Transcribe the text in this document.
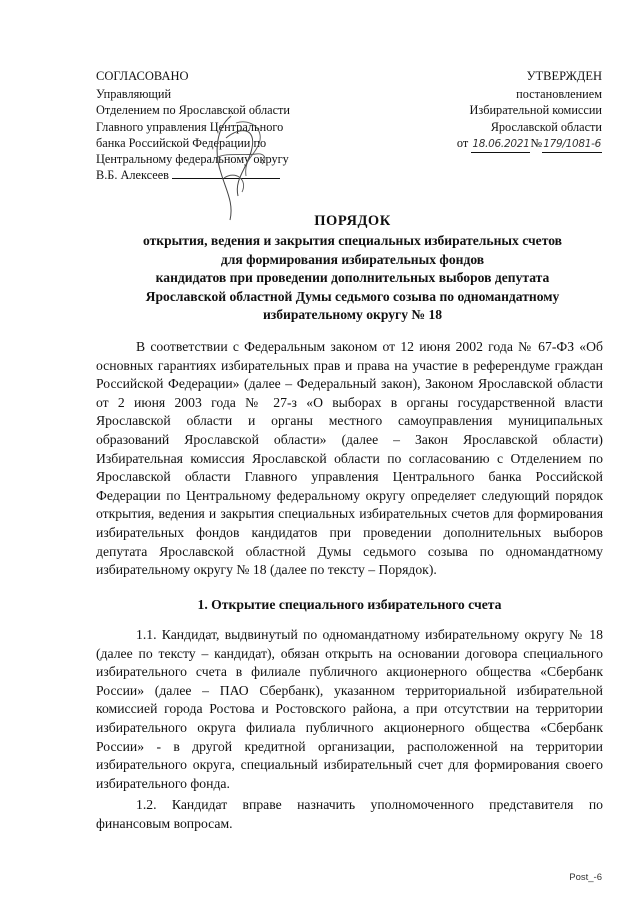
СОГЛАСОВАНО
Управляющий
Отделением по Ярославской области
Главного управления Центрального
банка Российской Федерации по
Центральному федеральному округу
В.Б. Алексеев
УТВЕРЖДЕН
постановлением
Избирательной комиссии
Ярославской области
от 18.06.2021№179/1081-6
ПОРЯДОК
открытия, ведения и закрытия специальных избирательных счетов
для формирования избирательных фондов
кандидатов при проведении дополнительных выборов депутата
Ярославской областной Думы седьмого созыва по одномандатному
избирательному округу № 18

В соответствии с Федеральным законом от 12 июня 2002 года № 67-ФЗ «Об основных гарантиях избирательных прав и права на участие в референдуме граждан Российской Федерации» (далее – Федеральный закон), Законом Ярославской области от 2 июня 2003 года № 27-з «О выборах в органы государственной власти Ярославской области и органы местного самоуправления муниципальных образований Ярославской области» (далее – Закон Ярославской области) Избирательная комиссия Ярославской области по согласованию с Отделением по Ярославской области Главного управления Центрального банка Российской Федерации по Центральному федеральному округу определяет следующий порядок открытия, ведения и закрытия специальных избирательных счетов для формирования избирательных фондов кандидатов при проведении дополнительных выборов депутата Ярославской областной Думы седьмого созыва по одномандатному избирательному округу № 18 (далее по тексту – Порядок).

1. Открытие специального избирательного счета

1.1. Кандидат, выдвинутый по одномандатному избирательному округу № 18 (далее по тексту – кандидат), обязан открыть на основании договора специального избирательного счета в филиале публичного акционерного общества «Сбербанк России» (далее – ПАО Сбербанк), указанном территориальной избирательной комиссией города Ростова и Ростовского района, а при отсутствии на территории избирательного округа филиала публичного акционерного общества «Сбербанк России» - в другой кредитной организации, расположенной на территории избирательного округа, специальный избирательный счет для формирования своего избирательного фонда.

1.2. Кандидат вправе назначить уполномоченного представителя по финансовым вопросам.

Post_-6
